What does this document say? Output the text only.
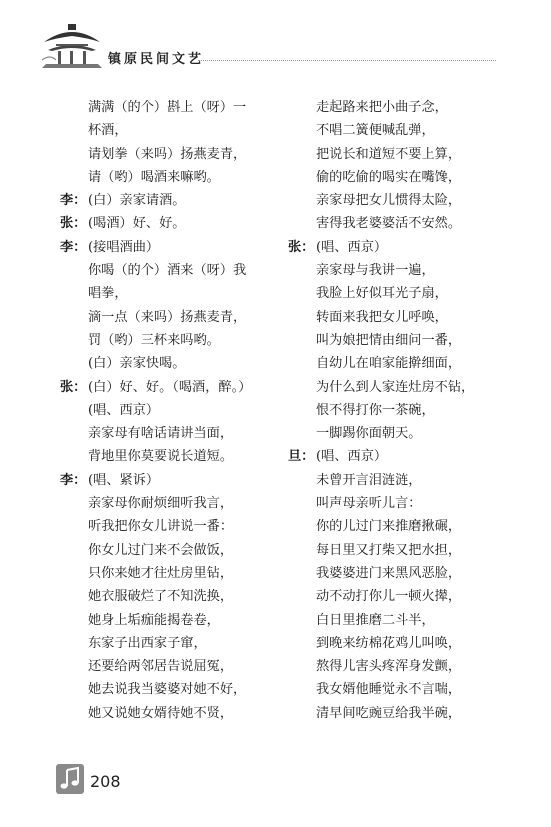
镇原民间文艺
满满（的个）斟上（呀）一
杯酒，
请划拳（来吗）扬燕麦青，
请（哟）喝酒来嘛哟。
李： (白）亲家请酒。
张： (喝酒）好、好。
李： (接唱酒曲）
你喝（的个）酒来（呀）我
唱拳，
滴一点（来吗）扬燕麦青，
罚（哟）三杯来吗哟。
(白）亲家快喝。
张： (白）好、好。（喝酒，醉。）
(唱、西京）
亲家母有啥话请讲当面，
背地里你莫要说长道短。
李： (唱、紧诉）
亲家母你耐烦细听我言，
听我把你女儿讲说一番：
你女儿过门来不会做饭，
只你来她才往灶房里钻，
她衣服破烂了不知洗换，
她身上垢痂能揭卷卷，
东家子出西家子窜，
还要给两邻居告说屈冤，
她去说我当婆婆对她不好，
她又说她女婿待她不贤，
走起路来把小曲子念，
不唱二簧便喊乱弹，
把说长和道短不要上算，
偷的吃偷的喝实在嘴馋，
亲家母把女儿惯得太险，
害得我老婆婆活不安然。
张： (唱、西京）
亲家母与我讲一遍，
我脸上好似耳光子扇，
转面来我把女儿呼唤，
叫为娘把情由细问一番，
自幼儿在咱家能擀细面，
为什么到人家连灶房不钻，
恨不得打你一茶碗，
一脚踢你面朝天。
旦： (唱、西京）
未曾开言泪涟涟，
叫声母亲听儿言：
你的儿过门来推磨揪碾，
每日里又打柴又把水担，
我婆婆进门来黑风恶脸，
动不动打你儿一顿火撵，
白日里推磨二斗半，
到晚来纺棉花鸡儿叫唤，
熬得儿害头疼浑身发颤，
我女婿他睡觉永不言喘，
清早间吃豌豆给我半碗，
208
